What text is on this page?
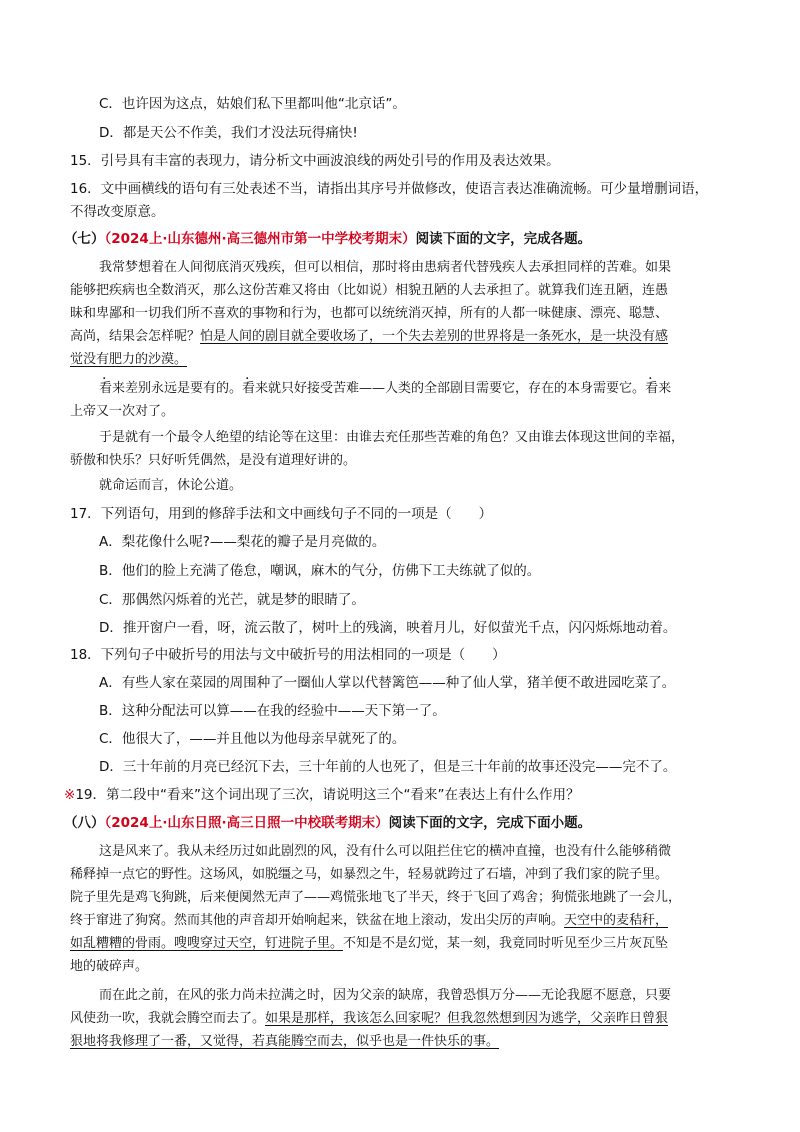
C．也许因为这点，姑娘们私下里都叫他“北京话”。
D．都是天公不作美，我们才没法玩得痛快!
15．引号具有丰富的表现力，请分析文中画波浪线的两处引号的作用及表达效果。
16．文中画横线的语句有三处表述不当，请指出其序号并做修改，使语言表达准确流畅。可少量增删词语，
不得改变原意。
（七）（2024上·山东德州·高三德州市第一中学校考期末）阅读下面的文字，完成各题。
我常梦想着在人间彻底消灭残疾，但可以相信，那时将由患病者代替残疾人去承担同样的苦难。如果
能够把疾病也全数消灭，那么这份苦难又将由（比如说）相貌丑陋的人去承担了。就算我们连丑陋，连愚
昧和卑鄙和一切我们所不喜欢的事物和行为，也都可以统统消灭掉，所有的人都一味健康、漂亮、聪慧、
高尚，结果会怎样呢？怕是人间的剧目就全要收场了，一个失去差别的世界将是一条死水，是一块没有感
觉没有肥力的沙漠。
看来差别永远是要有的。看来就只好接受苦难——人类的全部剧目需要它，存在的本身需要它。看来
上帝又一次对了。
于是就有一个最令人绝望的结论等在这里：由谁去充任那些苦难的角色？又由谁去体现这世间的幸福，
骄傲和快乐？只好听凭偶然，是没有道理好讲的。
就命运而言，休论公道。
17．下列语句，用到的修辞手法和文中画线句子不同的一项是（　　）
A．梨花像什么呢?——梨花的瓣子是月亮做的。
B．他们的脸上充满了倦怠，嘲讽，麻木的气分，仿佛下工夫练就了似的。
C．那偶然闪烁着的光芒，就是梦的眼睛了。
D．推开窗户一看，呀，流云散了，树叶上的残滴，映着月儿，好似萤光千点，闪闪烁烁地动着。
18．下列句子中破折号的用法与文中破折号的用法相同的一项是（　　）
A．有些人家在菜园的周围种了一圈仙人掌以代替篱笆——种了仙人掌，猪羊便不敢进园吃菜了。
B．这种分配法可以算——在我的经验中——天下第一了。
C．他很大了，——并且他以为他母亲早就死了的。
D．三十年前的月亮已经沉下去，三十年前的人也死了，但是三十年前的故事还没完——完不了。
※19．第二段中“看来”这个词出现了三次，请说明这三个“看来”在表达上有什么作用？
（八）（2024上·山东日照·高三日照一中校联考期末）阅读下面的文字，完成下面小题。
这是风来了。我从未经历过如此剧烈的风，没有什么可以阻拦住它的横冲直撞，也没有什么能够稍微
稀释掉一点它的野性。这场风，如脱缰之马，如暴烈之牛，轻易就跨过了石墙，冲到了我们家的院子里。
院子里先是鸡飞狗跳，后来便阒然无声了——鸡慌张地飞了半天，终于飞回了鸡舍；狗慌张地跳了一会儿，
终于窜进了狗窝。然而其他的声音却开始响起来，铁盆在地上滚动，发出尖厉的声响。天空中的麦秸秆，
如乱糟糟的骨雨。嗖嗖穿过天空，钉进院子里。不知是不是幻觉，某一刻，我竟同时听见至少三片灰瓦坠
地的破碎声。
而在此之前，在风的张力尚未拉满之时，因为父亲的缺席，我曾恐惧万分——无论我愿不愿意，只要
风使劲一吹，我就会腾空而去了。如果是那样，我该怎么回家呢？但我忽然想到因为逃学，父亲昨日曾狠
狠地将我修理了一番，又觉得，若真能腾空而去，似乎也是一件快乐的事。
